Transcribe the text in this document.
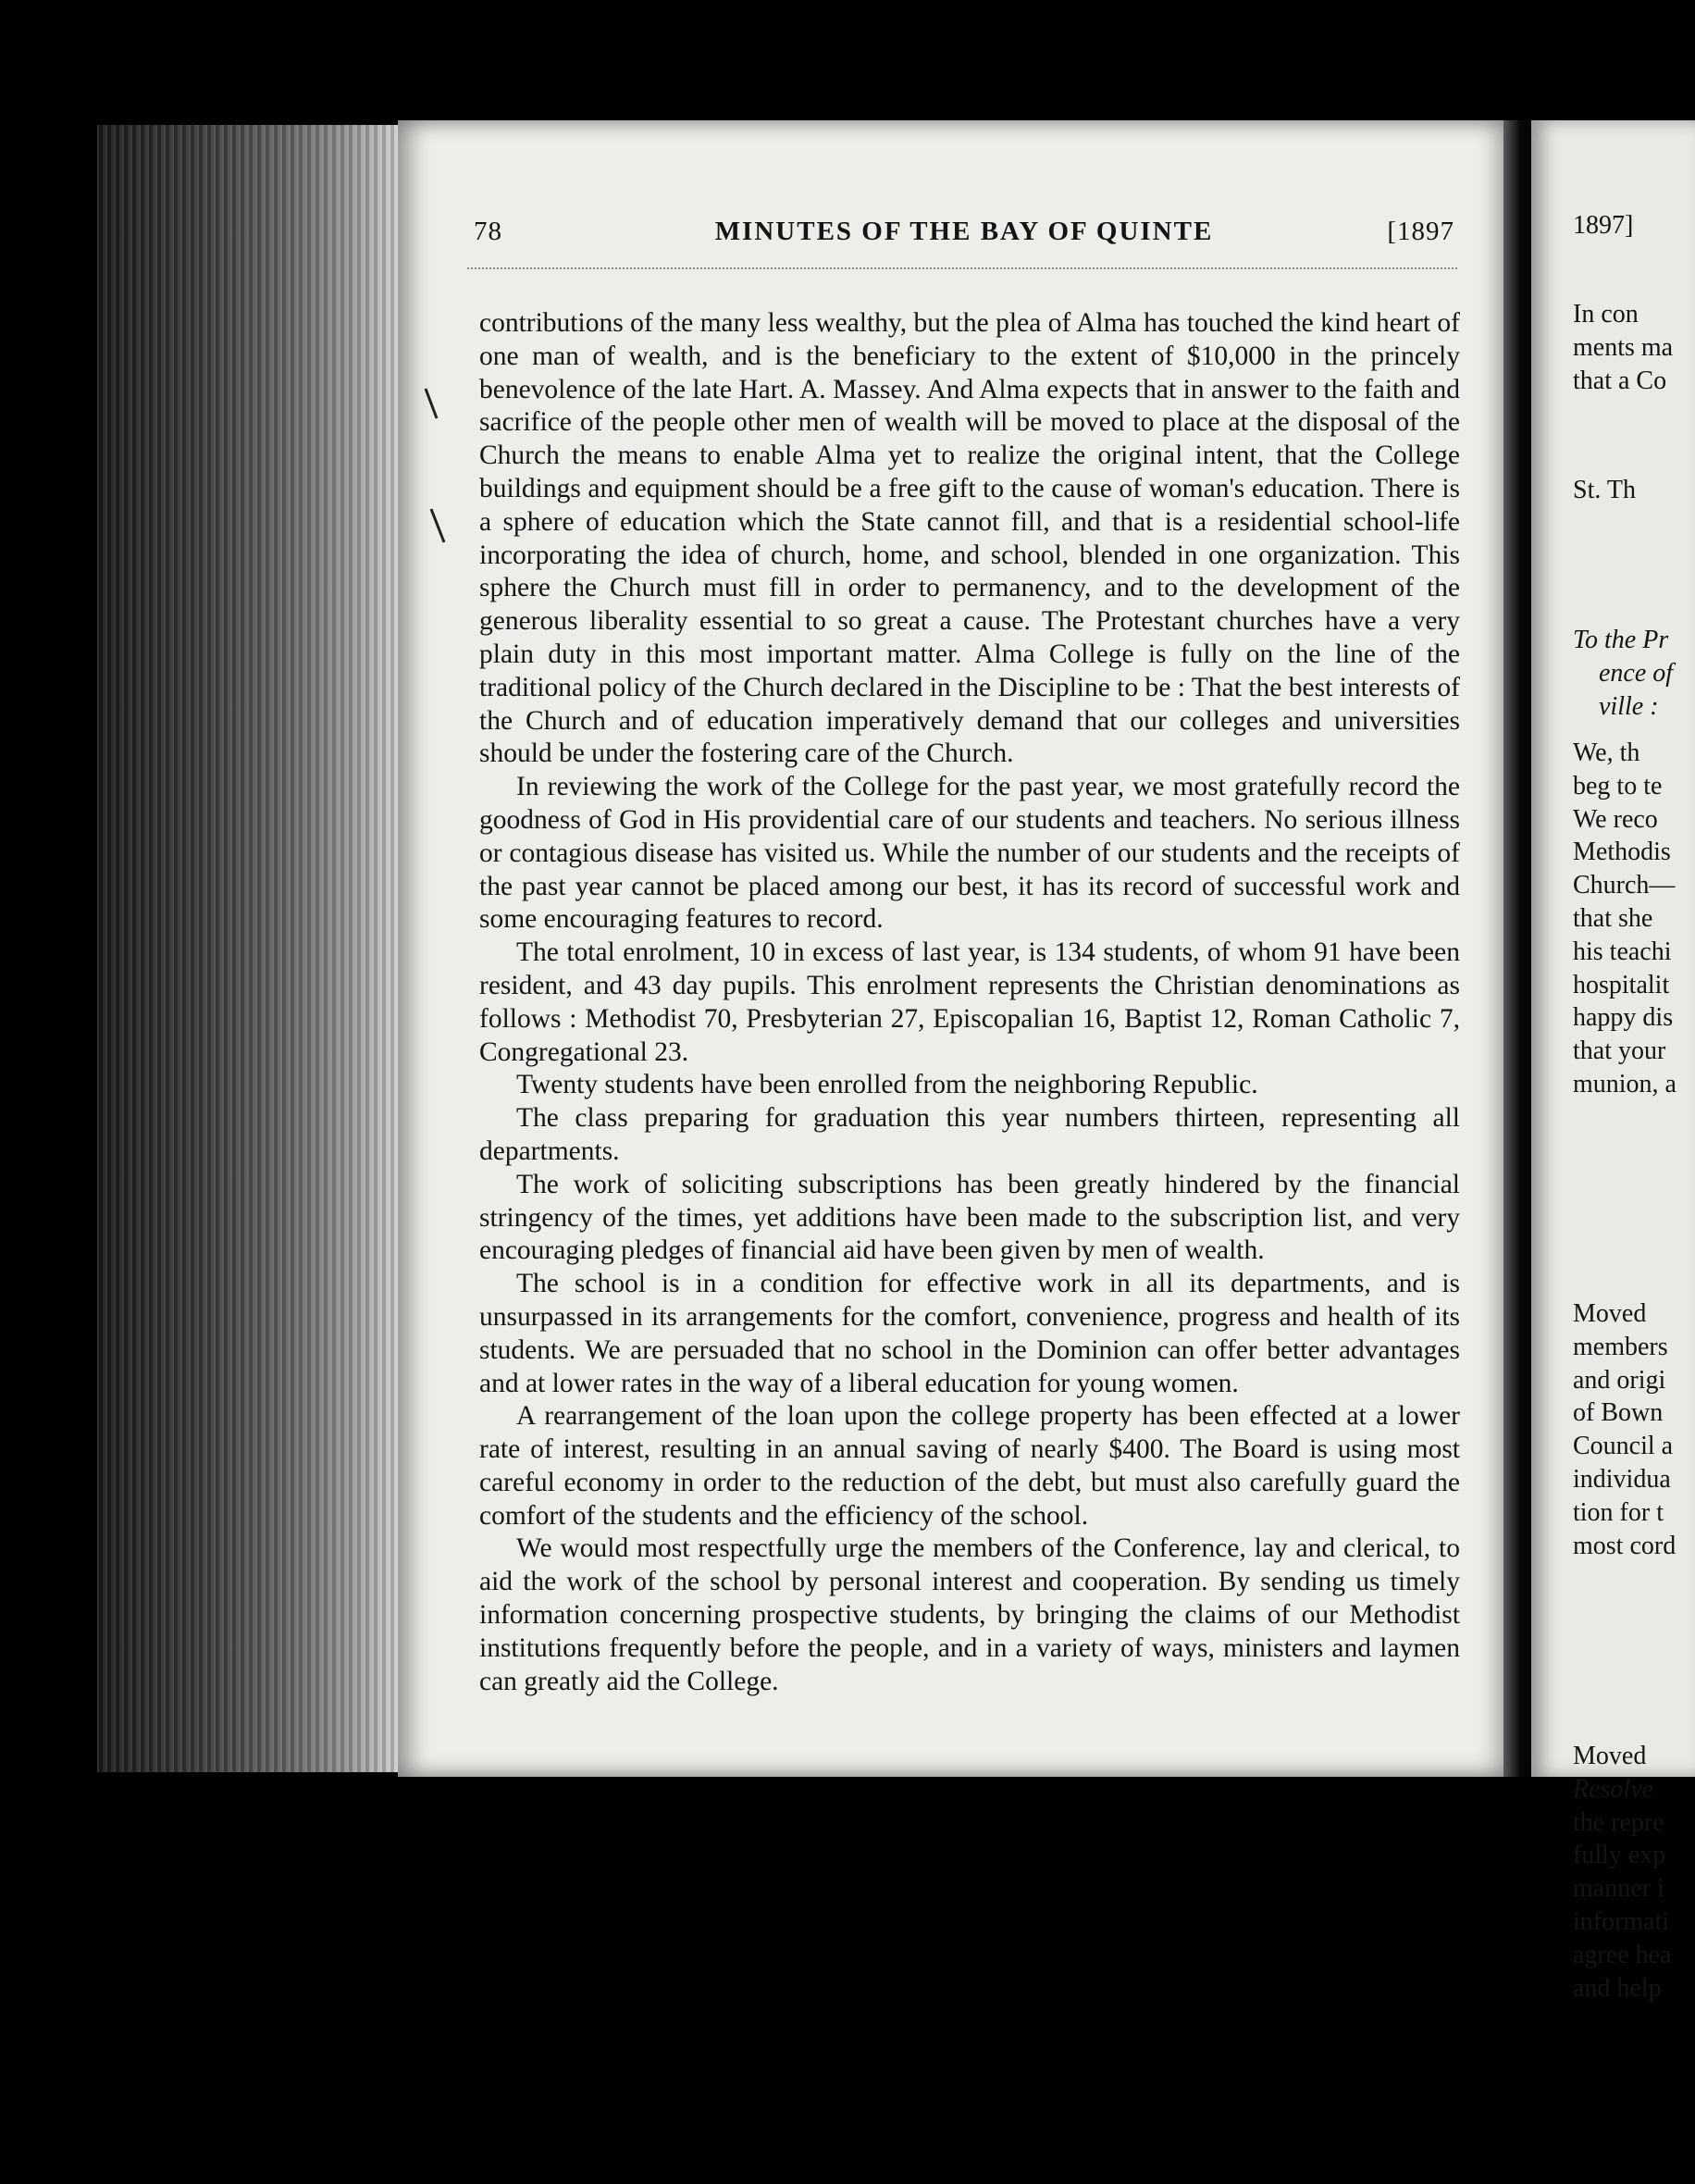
78	MINUTES OF THE BAY OF QUINTE	[1897

contributions of the many less wealthy, but the plea of Alma has touched the kind heart of one man of wealth, and is the beneficiary to the extent of $10,000 in the princely benevolence of the late Hart. A. Massey. And Alma expects that in answer to the faith and sacrifice of the people other men of wealth will be moved to place at the disposal of the Church the means to enable Alma yet to realize the original intent, that the College buildings and equipment should be a free gift to the cause of woman's education. There is a sphere of education which the State cannot fill, and that is a residential school-life incorporating the idea of church, home, and school, blended in one organization. This sphere the Church must fill in order to permanency, and to the development of the generous liberality essential to so great a cause. The Protestant churches have a very plain duty in this most important matter. Alma College is fully on the line of the traditional policy of the Church declared in the Discipline to be : That the best interests of the Church and of education imperatively demand that our colleges and universities should be under the fostering care of the Church.

In reviewing the work of the College for the past year, we most gratefully record the goodness of God in His providential care of our students and teachers. No serious illness or contagious disease has visited us. While the number of our students and the receipts of the past year cannot be placed among our best, it has its record of successful work and some encouraging features to record.

The total enrolment, 10 in excess of last year, is 134 students, of whom 91 have been resident, and 43 day pupils. This enrolment represents the Christian denominations as follows : Methodist 70, Presbyterian 27, Episcopalian 16, Baptist 12, Roman Catholic 7, Congregational 23.

Twenty students have been enrolled from the neighboring Republic.

The class preparing for graduation this year numbers thirteen, representing all departments.

The work of soliciting subscriptions has been greatly hindered by the financial stringency of the times, yet additions have been made to the subscription list, and very encouraging pledges of financial aid have been given by men of wealth.

The school is in a condition for effective work in all its departments, and is unsurpassed in its arrangements for the comfort, convenience, progress and health of its students. We are persuaded that no school in the Dominion can offer better advantages and at lower rates in the way of a liberal education for young women.

A rearrangement of the loan upon the college property has been effected at a lower rate of interest, resulting in an annual saving of nearly $400. The Board is using most careful economy in order to the reduction of the debt, but must also carefully guard the comfort of the students and the efficiency of the school.

We would most respectfully urge the members of the Conference, lay and clerical, to aid the work of the school by personal interest and cooperation. By sending us timely information concerning prospective students, by bringing the claims of our Methodist institutions frequently before the people, and in a variety of ways, ministers and laymen can greatly aid the College.

1897]
In con
ments ma
that a Co
St. Th
To the Pr
ence of
ville :
We, th
beg to te
We reco
Methodis
Church—
that she
his teachi
hospitalit
happy dis
that your
munion, a
Moved
members
and origi
of Bown
Council a
individua
tion for t
most cord
Moved
Resolve
the repre
fully exp
manner i
informati
agree hea
and help
